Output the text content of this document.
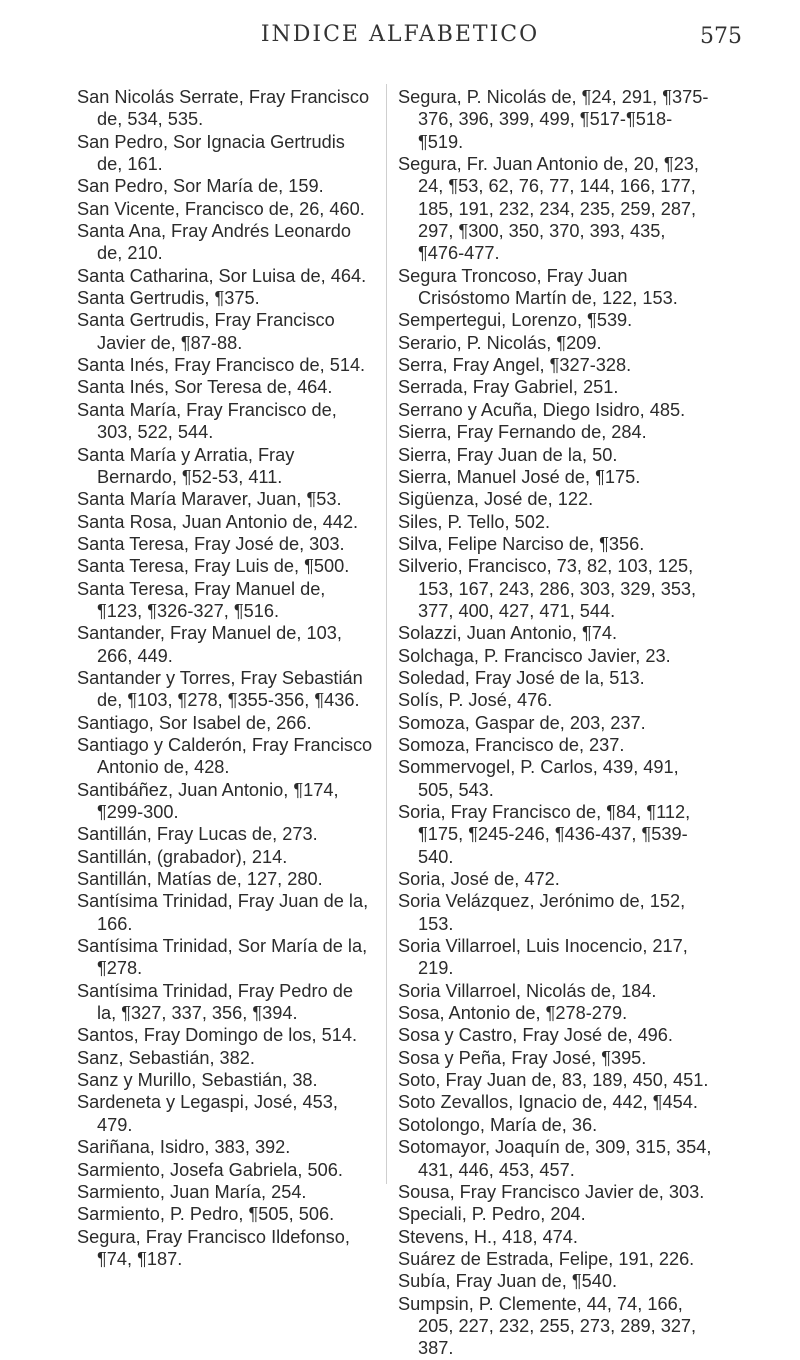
INDICE ALFABETICO	575

San Nicolás Serrate, Fray Francisco de, 534, 535.

San Pedro, Sor Ignacia Gertrudis de, 161.

San Pedro, Sor María de, 159.

San Vicente, Francisco de, 26, 460.

Santa Ana, Fray Andrés Leonardo de, 210.

Santa Catharina, Sor Luisa de, 464.

Santa Gertrudis, ¶375.

Santa Gertrudis, Fray Francisco Javier de, ¶87-88.

Santa Inés, Fray Francisco de, 514.

Santa Inés, Sor Teresa de, 464.

Santa María, Fray Francisco de, 303, 522, 544.

Santa María y Arratia, Fray Bernardo, ¶52-53, 411.

Santa María Maraver, Juan, ¶53.

Santa Rosa, Juan Antonio de, 442.

Santa Teresa, Fray José de, 303.

Santa Teresa, Fray Luis de, ¶500.

Santa Teresa, Fray Manuel de, ¶123, ¶326-327, ¶516.

Santander, Fray Manuel de, 103, 266, 449.

Santander y Torres, Fray Sebastián de, ¶103, ¶278, ¶355-356, ¶436.

Santiago, Sor Isabel de, 266.

Santiago y Calderón, Fray Francisco Antonio de, 428.

Santibáñez, Juan Antonio, ¶174, ¶299-300.

Santillán, Fray Lucas de, 273.

Santillán, (grabador), 214.

Santillán, Matías de, 127, 280.

Santísima Trinidad, Fray Juan de la, 166.

Santísima Trinidad, Sor María de la, ¶278.

Santísima Trinidad, Fray Pedro de la, ¶327, 337, 356, ¶394.

Santos, Fray Domingo de los, 514.

Sanz, Sebastián, 382.

Sanz y Murillo, Sebastián, 38.

Sardeneta y Legaspi, José, 453, 479.

Sariñana, Isidro, 383, 392.

Sarmiento, Josefa Gabriela, 506.

Sarmiento, Juan María, 254.

Sarmiento, P. Pedro, ¶505, 506.

Segura, Fray Francisco Ildefonso, ¶74, ¶187.

Segura, P. Nicolás de, ¶24, 291, ¶375-376, 396, 399, 499, ¶517-¶518-¶519.

Segura, Fr. Juan Antonio de, 20, ¶23, 24, ¶53, 62, 76, 77, 144, 166, 177, 185, 191, 232, 234, 235, 259, 287, 297, ¶300, 350, 370, 393, 435, ¶476-477.

Segura Troncoso, Fray Juan Crisóstomo Martín de, 122, 153.

Sempertegui, Lorenzo, ¶539.

Serario, P. Nicolás, ¶209.

Serra, Fray Angel, ¶327-328.

Serrada, Fray Gabriel, 251.

Serrano y Acuña, Diego Isidro, 485.

Sierra, Fray Fernando de, 284.

Sierra, Fray Juan de la, 50.

Sierra, Manuel José de, ¶175.

Sigüenza, José de, 122.

Siles, P. Tello, 502.

Silva, Felipe Narciso de, ¶356.

Silverio, Francisco, 73, 82, 103, 125, 153, 167, 243, 286, 303, 329, 353, 377, 400, 427, 471, 544.

Solazzi, Juan Antonio, ¶74.

Solchaga, P. Francisco Javier, 23.

Soledad, Fray José de la, 513.

Solís, P. José, 476.

Somoza, Gaspar de, 203, 237.

Somoza, Francisco de, 237.

Sommervogel, P. Carlos, 439, 491, 505, 543.

Soria, Fray Francisco de, ¶84, ¶112, ¶175, ¶245-246, ¶436-437, ¶539-540.

Soria, José de, 472.

Soria Velázquez, Jerónimo de, 152, 153.

Soria Villarroel, Luis Inocencio, 217, 219.

Soria Villarroel, Nicolás de, 184.

Sosa, Antonio de, ¶278-279.

Sosa y Castro, Fray José de, 496.

Sosa y Peña, Fray José, ¶395.

Soto, Fray Juan de, 83, 189, 450, 451.

Soto Zevallos, Ignacio de, 442, ¶454.

Sotolongo, María de, 36.

Sotomayor, Joaquín de, 309, 315, 354, 431, 446, 453, 457.

Sousa, Fray Francisco Javier de, 303.

Speciali, P. Pedro, 204.

Stevens, H., 418, 474.

Suárez de Estrada, Felipe, 191, 226.

Subía, Fray Juan de, ¶540.

Sumpsin, P. Clemente, 44, 74, 166, 205, 227, 232, 255, 273, 289, 327, 387.
